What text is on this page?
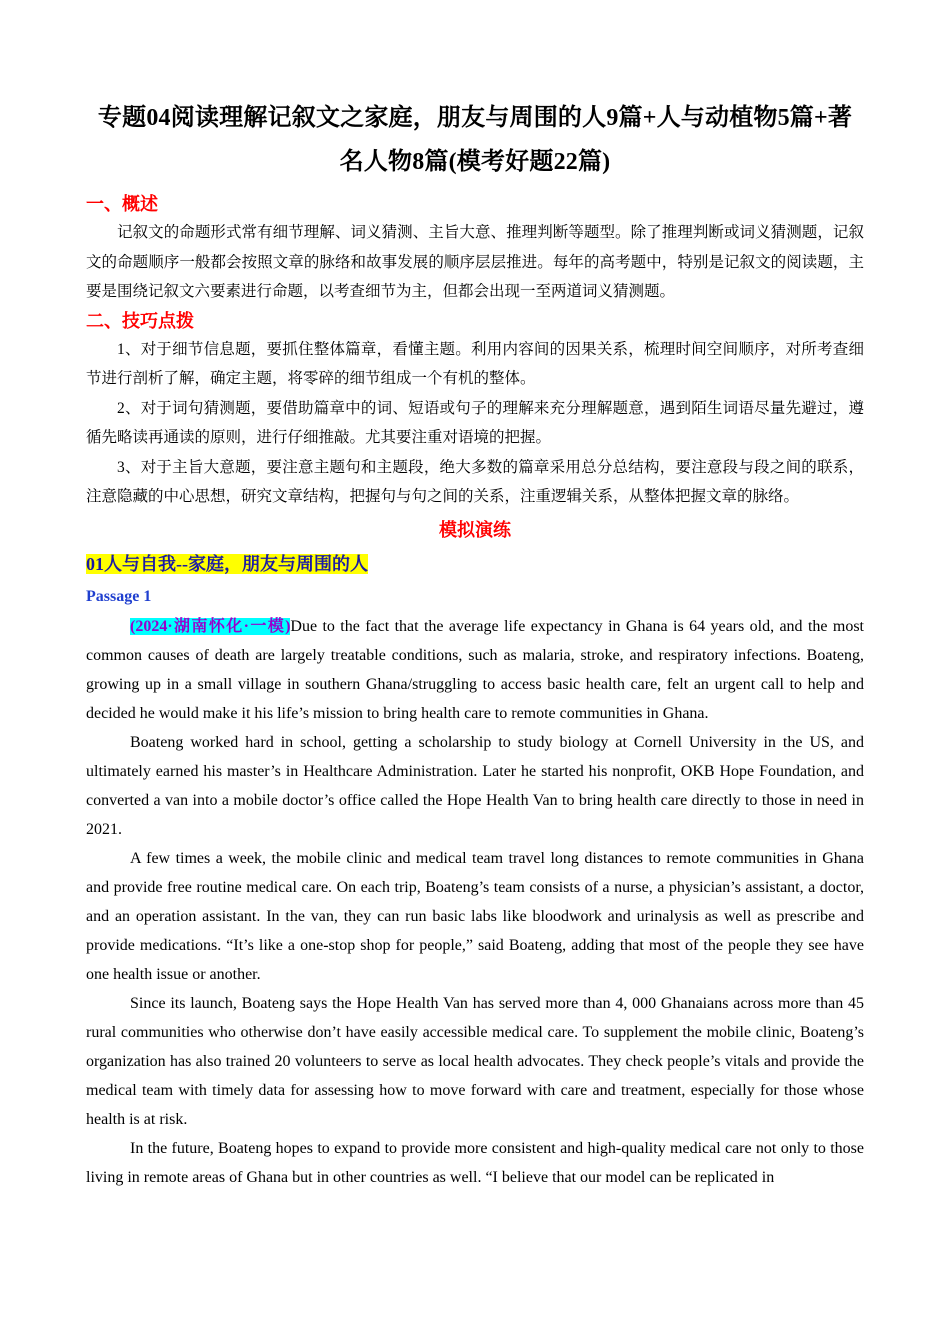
专题04阅读理解记叙文之家庭，朋友与周围的人9篇+人与动植物5篇+著名人物8篇(模考好题22篇)

一、概述

记叙文的命题形式常有细节理解、词义猜测、主旨大意、推理判断等题型。除了推理判断或词义猜测题，记叙文的命题顺序一般都会按照文章的脉络和故事发展的顺序层层推进。每年的高考题中，特别是记叙文的阅读题，主要是围绕记叙文六要素进行命题，以考查细节为主，但都会出现一至两道词义猜测题。

二、技巧点拨

1、对于细节信息题，要抓住整体篇章，看懂主题。利用内容间的因果关系，梳理时间空间顺序，对所考查细节进行剖析了解，确定主题，将零碎的细节组成一个有机的整体。

2、对于词句猜测题，要借助篇章中的词、短语或句子的理解来充分理解题意，遇到陌生词语尽量先避过，遵循先略读再通读的原则，进行仔细推敲。尤其要注重对语境的把握。

3、对于主旨大意题，要注意主题句和主题段，绝大多数的篇章采用总分总结构，要注意段与段之间的联系，注意隐藏的中心思想，研究文章结构，把握句与句之间的关系，注重逻辑关系，从整体把握文章的脉络。

模拟演练

01人与自我--家庭，朋友与周围的人

Passage 1

(2024·湖南怀化·一模)Due to the fact that the average life expectancy in Ghana is 64 years old, and the most common causes of death are largely treatable conditions, such as malaria, stroke, and respiratory infections. Boateng, growing up in a small village in southern Ghana/struggling to access basic health care, felt an urgent call to help and decided he would make it his life’s mission to bring health care to remote communities in Ghana.

Boateng worked hard in school, getting a scholarship to study biology at Cornell University in the US, and ultimately earned his master’s in Healthcare Administration. Later he started his nonprofit, OKB Hope Foundation, and converted a van into a mobile doctor’s office called the Hope Health Van to bring health care directly to those in need in 2021.

A few times a week, the mobile clinic and medical team travel long distances to remote communities in Ghana and provide free routine medical care. On each trip, Boateng’s team consists of a nurse, a physician’s assistant, a doctor, and an operation assistant. In the van, they can run basic labs like bloodwork and urinalysis as well as prescribe and provide medications. “It’s like a one-stop shop for people,” said Boateng, adding that most of the people they see have one health issue or another.

Since its launch, Boateng says the Hope Health Van has served more than 4, 000 Ghanaians across more than 45 rural communities who otherwise don’t have easily accessible medical care. To supplement the mobile clinic, Boateng’s organization has also trained 20 volunteers to serve as local health advocates. They check people’s vitals and provide the medical team with timely data for assessing how to move forward with care and treatment, especially for those whose health is at risk.

In the future, Boateng hopes to expand to provide more consistent and high-quality medical care not only to those living in remote areas of Ghana but in other countries as well. “I believe that our model can be replicated in
